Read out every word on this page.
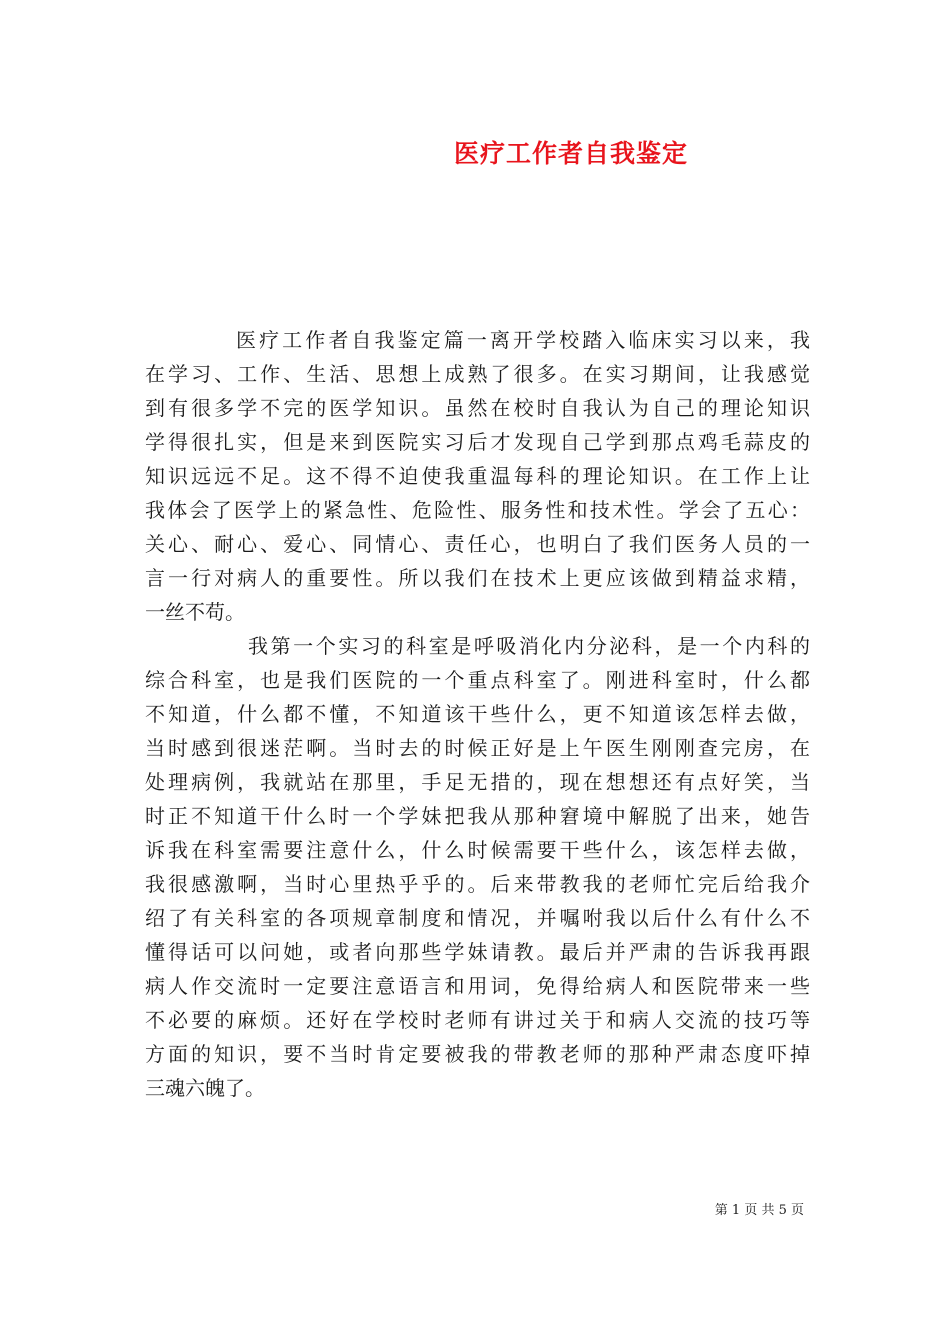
医疗工作者自我鉴定
医疗工作者自我鉴定篇一离开学校踏入临床实习以来，我
在学习、工作、生活、思想上成熟了很多。在实习期间，让我感觉
到有很多学不完的医学知识。虽然在校时自我认为自己的理论知识
学得很扎实，但是来到医院实习后才发现自己学到那点鸡毛蒜皮的
知识远远不足。这不得不迫使我重温每科的理论知识。在工作上让
我体会了医学上的紧急性、危险性、服务性和技术性。学会了五心：
关心、耐心、爱心、同情心、责任心，也明白了我们医务人员的一
言一行对病人的重要性。所以我们在技术上更应该做到精益求精，
一丝不苟。
我第一个实习的科室是呼吸消化内分泌科，是一个内科的
综合科室，也是我们医院的一个重点科室了。刚进科室时，什么都
不知道，什么都不懂，不知道该干些什么，更不知道该怎样去做，
当时感到很迷茫啊。当时去的时候正好是上午医生刚刚查完房，在
处理病例，我就站在那里，手足无措的，现在想想还有点好笑，当
时正不知道干什么时一个学妹把我从那种窘境中解脱了出来，她告
诉我在科室需要注意什么，什么时候需要干些什么，该怎样去做，
我很感激啊，当时心里热乎乎的。后来带教我的老师忙完后给我介
绍了有关科室的各项规章制度和情况，并嘱咐我以后什么有什么不
懂得话可以问她，或者向那些学妹请教。最后并严肃的告诉我再跟
病人作交流时一定要注意语言和用词，免得给病人和医院带来一些
不必要的麻烦。还好在学校时老师有讲过关于和病人交流的技巧等
方面的知识，要不当时肯定要被我的带教老师的那种严肃态度吓掉
三魂六魄了。
第 1 页 共 5 页
